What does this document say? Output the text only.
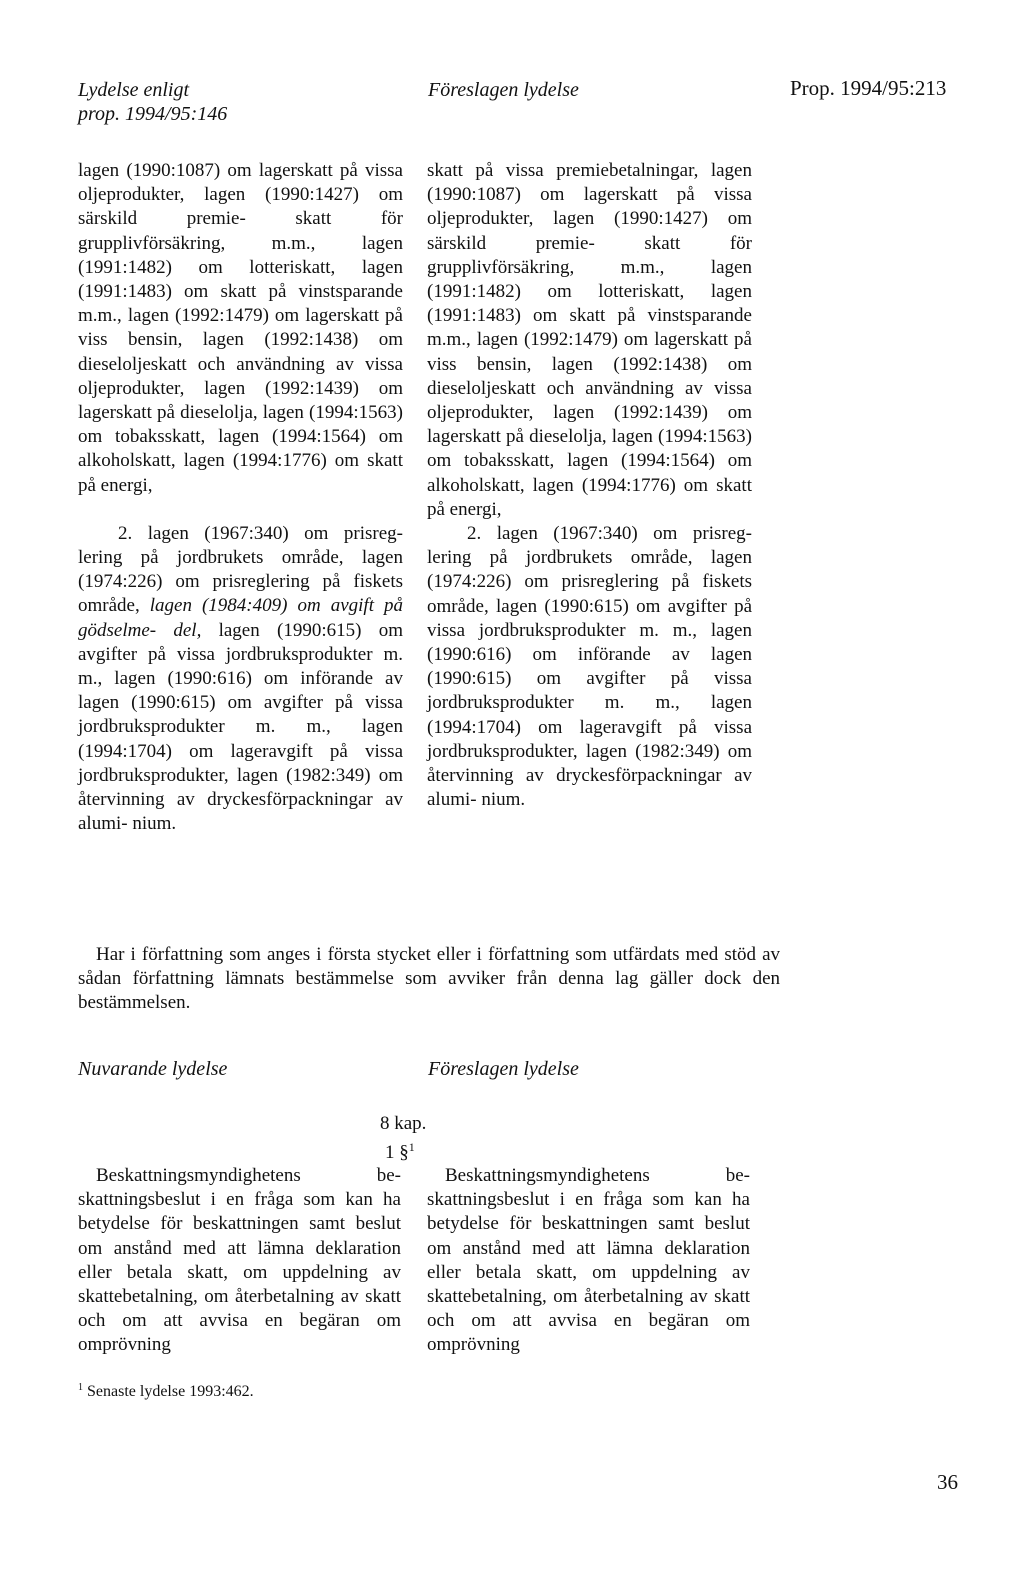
Lydelse enligt
prop. 1994/95:146
Föreslagen lydelse	Prop. 1994/95:213

lagen (1990:1087) om lagerskatt på vissa oljeprodukter, lagen (1990:1427) om särskild premie- skatt för grupplivförsäkring, m.m., lagen (1991:1482) om lotteriskatt, lagen (1991:1483) om skatt på vinstsparande m.m., lagen (1992:1479) om lagerskatt på viss bensin, lagen (1992:1438) om dieseloljeskatt och användning av vissa oljeprodukter, lagen (1992:1439) om lagerskatt på dieselolja, lagen (1994:1563) om tobaksskatt, lagen (1994:1564) om alkoholskatt, lagen (1994:1776) om skatt på energi,

2. lagen (1967:340) om prisreg- lering på jordbrukets område, lagen (1974:226) om prisreglering på fiskets område, lagen (1984:409) om avgift på gödselme- del, lagen (1990:615) om avgifter på vissa jordbruksprodukter m. m., lagen (1990:616) om införande av lagen (1990:615) om avgifter på vissa jordbruksprodukter m. m., lagen (1994:1704) om lageravgift på vissa jordbruksprodukter, lagen (1982:349) om återvinning av dryckesförpackningar av alumi- nium.

skatt på vissa premiebetalningar, lagen (1990:1087) om lagerskatt på vissa oljeprodukter, lagen (1990:1427) om särskild premie- skatt för grupplivförsäkring, m.m., lagen (1991:1482) om lotteriskatt, lagen (1991:1483) om skatt på vinstsparande m.m., lagen (1992:1479) om lagerskatt på viss bensin, lagen (1992:1438) om dieseloljeskatt och användning av vissa oljeprodukter, lagen (1992:1439) om lagerskatt på dieselolja, lagen (1994:1563) om tobaksskatt, lagen (1994:1564) om alkoholskatt, lagen (1994:1776) om skatt på energi,

2. lagen (1967:340) om prisreg- lering på jordbrukets område, lagen (1974:226) om prisreglering på fiskets område, lagen (1990:615) om avgifter på vissa jordbruksprodukter m. m., lagen (1990:616) om införande av lagen (1990:615) om avgifter på vissa jordbruksprodukter m. m., lagen (1994:1704) om lageravgift på vissa jordbruksprodukter, lagen (1982:349) om återvinning av dryckesförpackningar av alumi- nium.

Har i författning som anges i första stycket eller i författning som utfärdats med stöd av sådan författning lämnats bestämmelse som avviker från denna lag gäller dock den bestämmelsen.
Nuvarande lydelse	Föreslagen lydelse
8 kap.
1 §$^1$

Beskattningsmyndighetens be- skattningsbeslut i en fråga som kan ha betydelse för beskattningen samt beslut om anstånd med att lämna deklaration eller betala skatt, om uppdelning av skattebetalning, om återbetalning av skatt och om att avvisa en begäran om omprövning

Beskattningsmyndighetens be- skattningsbeslut i en fråga som kan ha betydelse för beskattningen samt beslut om anstånd med att lämna deklaration eller betala skatt, om uppdelning av skattebetalning, om återbetalning av skatt och om att avvisa en begäran om omprövning

$^1$ Senaste lydelse 1993:462.
36
